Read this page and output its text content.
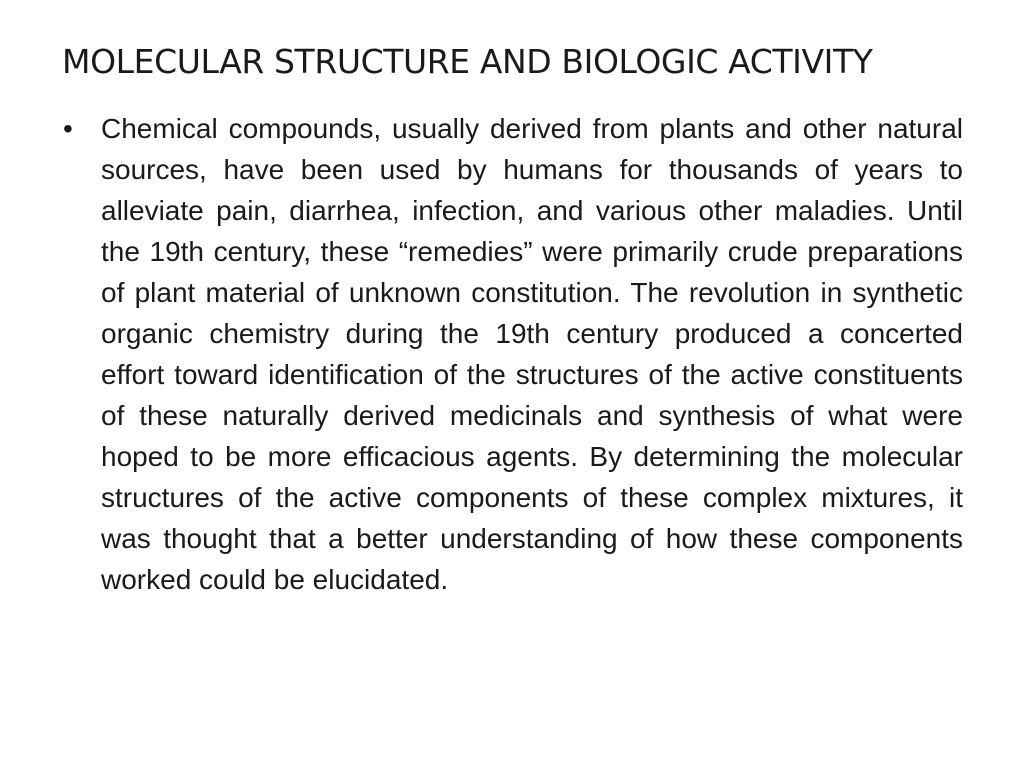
MOLECULAR STRUCTURE AND BIOLOGIC ACTIVITY
•	Chemical compounds, usually derived from plants and other natural sources, have been used by humans for thousands of years to alleviate pain, diarrhea, infection, and various other maladies. Until the 19th century, these “remedies” were primarily crude preparations of plant material of unknown constitution. The revolution in synthetic organic chemistry during the 19th century produced a concerted effort toward identification of the structures of the active constituents of these naturally derived medicinals and synthesis of what were hoped to be more efficacious agents. By determining the molecular structures of the active components of these complex mixtures, it was thought that a better understanding of how these components worked could be elucidated.
